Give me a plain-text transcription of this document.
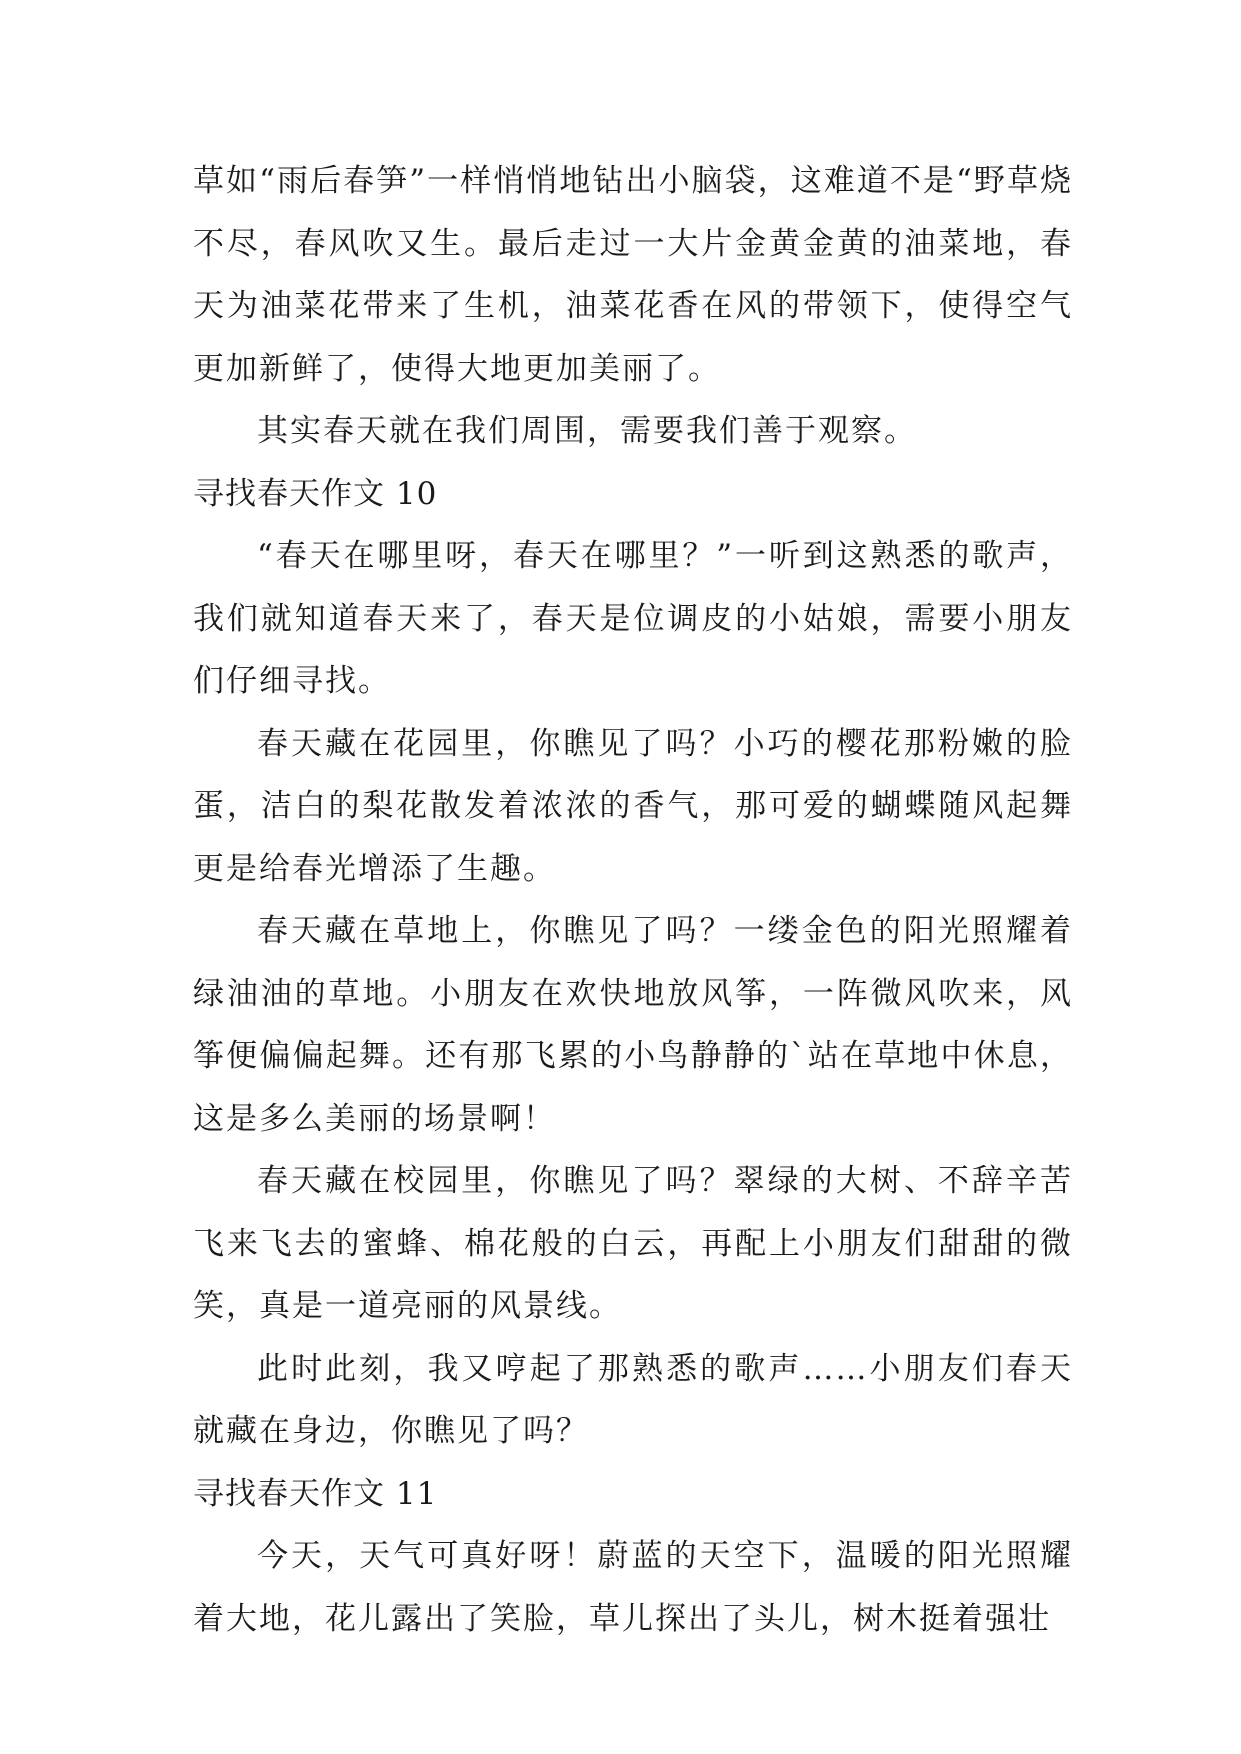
草如“雨后春笋”一样悄悄地钻出小脑袋，这难道不是“野草烧不尽，春风吹又生。最后走过一大片金黄金黄的油菜地，春天为油菜花带来了生机，油菜花香在风的带领下，使得空气更加新鲜了，使得大地更加美丽了。

其实春天就在我们周围，需要我们善于观察。

寻找春天作文 10

“春天在哪里呀，春天在哪里？”一听到这熟悉的歌声，我们就知道春天来了，春天是位调皮的小姑娘，需要小朋友们仔细寻找。

春天藏在花园里，你瞧见了吗？小巧的樱花那粉嫩的脸蛋，洁白的梨花散发着浓浓的香气，那可爱的蝴蝶随风起舞更是给春光增添了生趣。

春天藏在草地上，你瞧见了吗？一缕金色的阳光照耀着绿油油的草地。小朋友在欢快地放风筝，一阵微风吹来，风筝便偏偏起舞。还有那飞累的小鸟静静的`站在草地中休息，这是多么美丽的场景啊！

春天藏在校园里，你瞧见了吗？翠绿的大树、不辞辛苦飞来飞去的蜜蜂、棉花般的白云，再配上小朋友们甜甜的微笑，真是一道亮丽的风景线。

此时此刻，我又哼起了那熟悉的歌声……小朋友们春天就藏在身边，你瞧见了吗？

寻找春天作文 11

今天，天气可真好呀！蔚蓝的天空下，温暖的阳光照耀着大地，花儿露出了笑脸，草儿探出了头儿，树木挺着强壮
